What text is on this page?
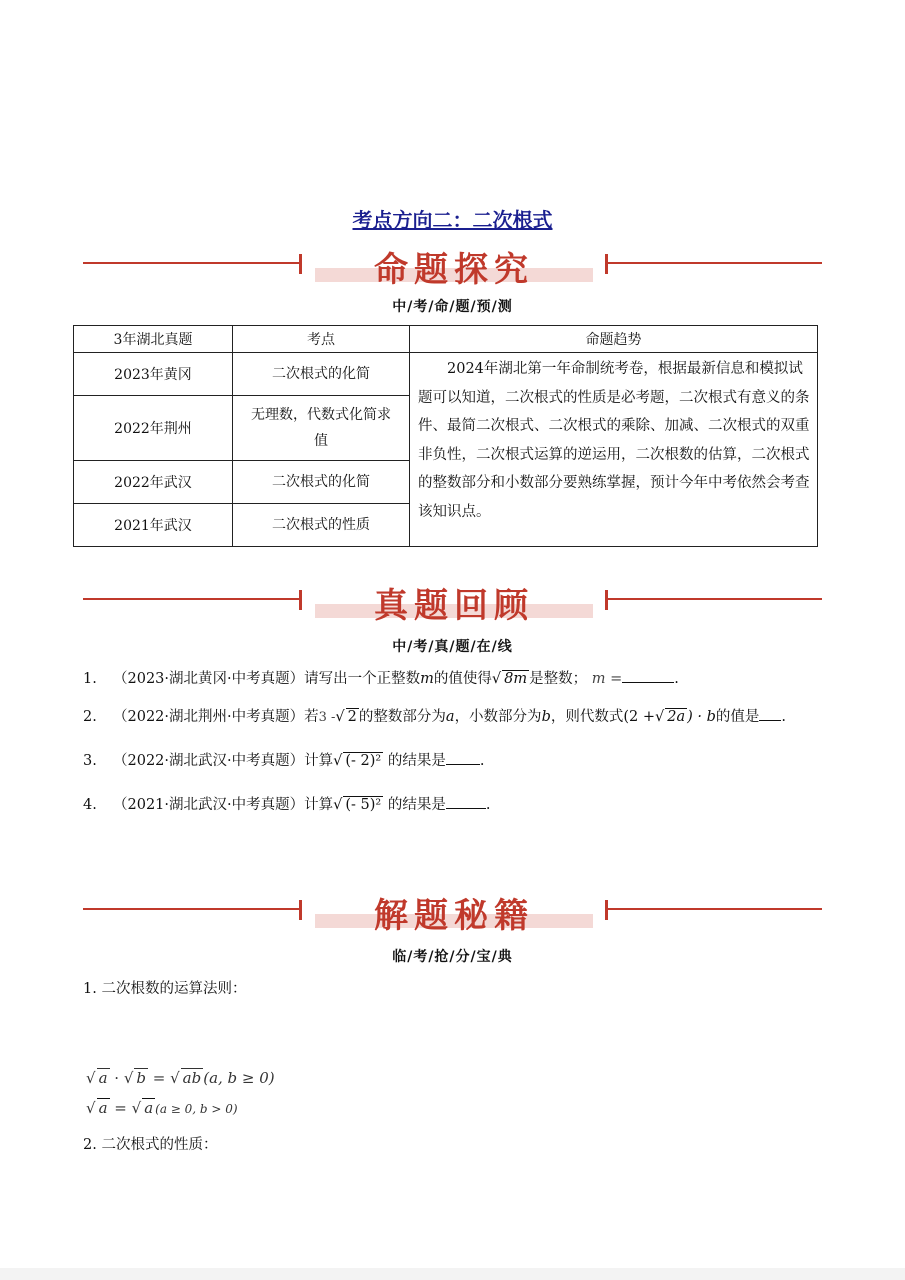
考点方向二：二次根式
命题探究
中/考/命/题/预/测
3年湖北真题	考点	命题趋势
2023年黄冈	二次根式的化简	2024年湖北第一年命制统考卷，根据最新信息和模拟试题可以知道，二次根式的性质是必考题，二次根式有意义的条件、最简二次根式、二次根式的乘除、加减、二次根式的双重非负性，二次根式运算的逆运用，二次根数的估算，二次根式的整数部分和小数部分要熟练掌握，预计今年中考依然会考查该知识点。
2022年荆州	无理数，代数式化简求值	
2022年武汉	二次根式的化简	
2021年武汉	二次根式的性质	
真题回顾
中/考/真/题/在/线
1. （2023·湖北黄冈·中考真题）请写出一个正整数m的值使得√ 8m 是整数； m =	.
2. （2022·湖北荆州·中考真题）若3 -√ 2 的整数部分为a，小数部分为b，则代数式(2 +√ 2a ) · b的值是 .
3. （2022·湖北武汉·中考真题）计算√ (- 2)² 的结果是 .
4. （2021·湖北武汉·中考真题）计算√ (- 5)² 的结果是	.
解题秘籍
临/考/抢/分/宝/典
1. 二次根数的运算法则：
√ a · √ b = √ ab (a, b ≥ 0)
√ a = √ a (a ≥ 0, b > 0)
2. 二次根式的性质：
